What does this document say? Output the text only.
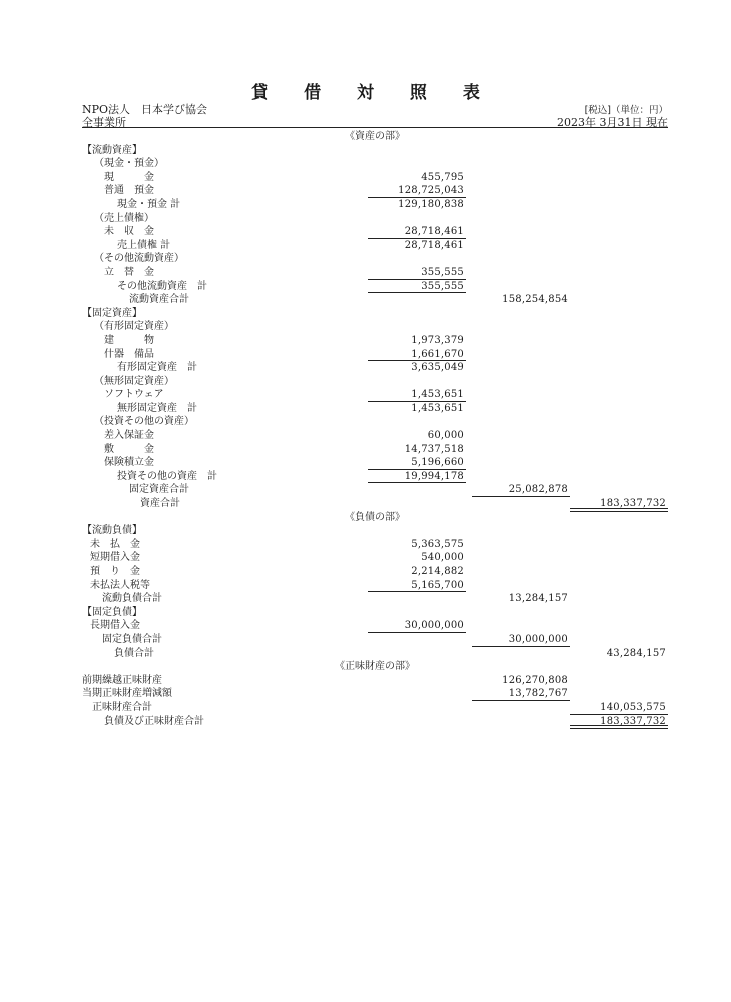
貸 借 対 照 表
NPO法人　日本学び協会
全事業所
[税込]（単位：円）
2023年 3月31日 現在
《資産の部》
【流動資産】
（現金・預金）
現　　　金	455,795
普通　預金	128,725,043
現金・預金 計	129,180,838
（売上債権）
未　収　金	28,718,461
売上債権 計	28,718,461
（その他流動資産）
立　替　金	355,555
その他流動資産　計	355,555
流動資産合計	158,254,854
【固定資産】
（有形固定資産）
建　　　物	1,973,379
什器　備品	1,661,670
有形固定資産　計	3,635,049
（無形固定資産）
ソフトウェア	1,453,651
無形固定資産　計	1,453,651
（投資その他の資産）
差入保証金	60,000
敷　　　金	14,737,518
保険積立金	5,196,660
投資その他の資産　計	19,994,178
固定資産合計	25,082,878
資産合計	183,337,732
《負債の部》
【流動負債】
未　払　金	5,363,575
短期借入金	540,000
預　り　金	2,214,882
未払法人税等	5,165,700
流動負債合計	13,284,157
【固定負債】
長期借入金	30,000,000
固定負債合計	30,000,000
負債合計	43,284,157
《正味財産の部》
前期繰越正味財産	126,270,808
当期正味財産増減額	13,782,767
正味財産合計	140,053,575
負債及び正味財産合計	183,337,732
